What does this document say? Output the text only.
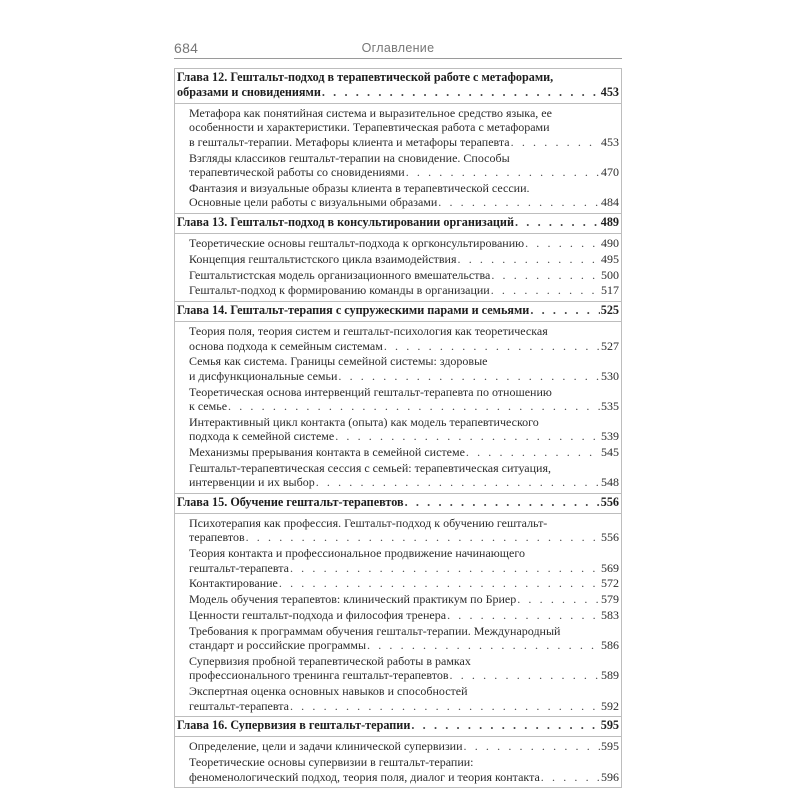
684	Оглавление
Глава 12. Гештальт-подход в терапевтической работе с метафорами,
образами и сновидениями . . .	453
Метафора как понятийная система и выразительное средство языка, ее
особенности и характеристики. Терапевтическая работа с метафорами
в гештальт-терапии. Метафоры клиента и метафоры терапевта . . .	453
Взгляды классиков гештальт-терапии на сновидение. Способы
терапевтической работы со сновидениями . . .	470
Фантазия и визуальные образы клиента в терапевтической сессии.
Основные цели работы с визуальными образами . . .	484
Глава 13. Гештальт-подход в консультировании организаций . . .	489
Теоретические основы гештальт-подхода к оргконсультированию . . .	490
Концепция гештальтистского цикла взаимодействия . . .	495
Гештальтистская модель организационного вмешательства . . .	500
Гештальт-подход к формированию команды в организации . . .	517
Глава 14. Гештальт-терапия с супружескими парами и семьями . . .	525
Теория поля, теория систем и гештальт-психология как теоретическая
основа подхода к семейным системам . . .	527
Семья как система. Границы семейной системы: здоровые
и дисфункциональные семьи . . .	530
Теоретическая основа интервенций гештальт-терапевта по отношению
к семье . . .	535
Интерактивный цикл контакта (опыта) как модель терапевтического
подхода к семейной системе . . .	539
Механизмы прерывания контакта в семейной системе . . .	545
Гештальт-терапевтическая сессия с семьей: терапевтическая ситуация,
интервенции и их выбор . . .	548
Глава 15. Обучение гештальт-терапевтов . . .	556
Психотерапия как профессия. Гештальт-подход к обучению гештальт-
терапевтов . . .	556
Теория контакта и профессиональное продвижение начинающего
гештальт-терапевта . . .	569
Контактирование . . .	572
Модель обучения терапевтов: клинический практикум по Бриер . . .	579
Ценности гештальт-подхода и философия тренера . . .	583
Требования к программам обучения гештальт-терапии. Международный
стандарт и российские программы . . .	586
Супервизия пробной терапевтической работы в рамках
профессионального тренинга гештальт-терапевтов . . .	589
Экспертная оценка основных навыков и способностей
гештальт-терапевта . . .	592
Глава 16. Супервизия в гештальт-терапии . . .	595
Определение, цели и задачи клинической супервизии . . .	595
Теоретические основы супервизии в гештальт-терапии:
феноменологический подход, теория поля, диалог и теория контакта . . .	596
